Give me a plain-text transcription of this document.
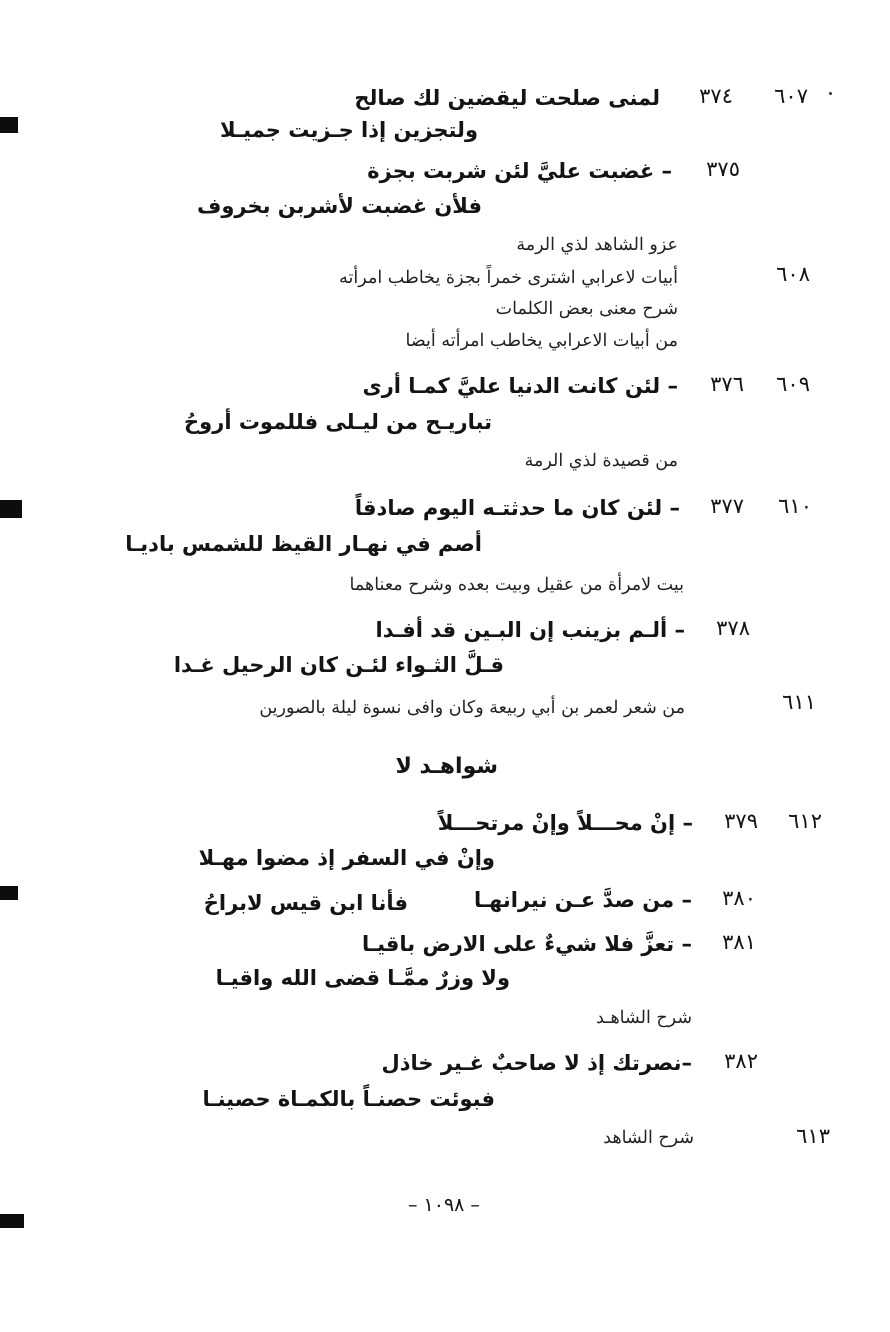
٦٠٧
٣٧٤
لمنى صلحت ليقضين لك صالح
ولتجزين إذا جـزيت جميـلا
٣٧٥
– غضبت عليَّ لئن شربت بجزة
فلأن غضبت لأشربن بخروف
عزو الشاهد لذي الرمة
٦٠٨
أبيات لاعرابي اشترى خمراً بجزة يخاطب امرأته
شرح معنى بعض الكلمات
من أبيات الاعرابي يخاطب امرأته أيضا
٦٠٩
٣٧٦
– لئن كانت الدنيا عليَّ كمـا أرى
تباريـح من ليـلى فللموت أروحُ
من قصيدة لذي الرمة
٦١٠
٣٧٧
– لئن كان ما حدثتـه اليوم صادقاً
أصم في نهـار القيظ للشمس باديـا
بيت لامرأة من عقيل وبيت بعده وشرح معناهما
٣٧٨
– ألـم بزينب إن البـين قد أفـدا
قـلَّ الثـواء لئـن كان الرحيل غـدا
٦١١
من شعر لعمر بن أبي ربيعة وكان وافى نسوة ليلة بالصورين
شواهـد لا
٦١٢
٣٧٩
– إنْ محـــلاً وإنْ مرتحـــلاً
وإنْ في السفر إذ مضوا مهـلا
٣٨٠
– من صدَّ عـن نيرانهـا
فأنا ابن قيس لابراحُ
٣٨١
– تعزَّ فلا شيءٌ على الارض باقيـا
ولا وزرٌ ممَّـا قضى الله واقيـا
شرح الشاهـد
٣٨٢
–نصرتك إذ لا صاحبٌ غـير خاذل
فبوئت حصنـاً بالكمـاة حصينـا
٦١٣
شرح الشاهد
– ١٠٩٨ –
